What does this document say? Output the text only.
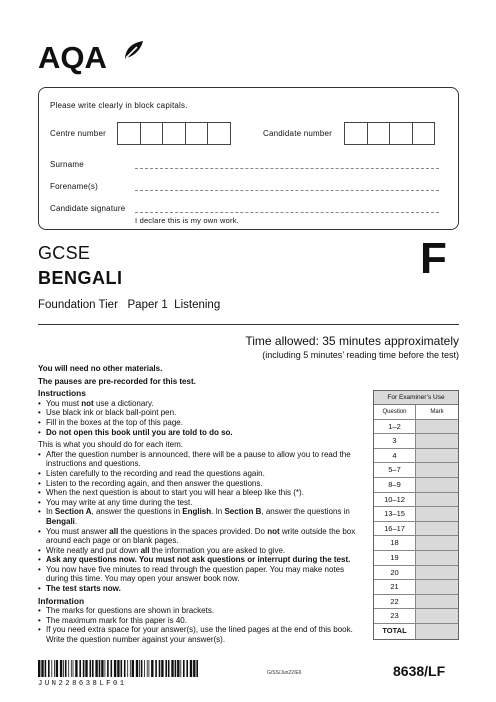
AQA
Please write clearly in block capitals.
Centre number	Candidate number
Surname
Forename(s)
Candidate signature
I declare this is my own work.
GCSE
BENGALI	F
Foundation Tier Paper 1  Listening
Time allowed: 35 minutes approximately
(including 5 minutes’ reading time before the test)
You will need no other materials.
The pauses are pre-recorded for this test.
Instructions
• You must not use a dictionary.
• Use black ink or black ball-point pen.
• Fill in the boxes at the top of this page.
• Do not open this book until you are told to do so.
This is what you should do for each item.
• After the question number is announced, there will be a pause to allow you to read the instructions and questions.
• Listen carefully to the recording and read the questions again.
• Listen to the recording again, and then answer the questions.
• When the next question is about to start you will hear a bleep like this (*).
• You may write at any time during the test.
• In Section A, answer the questions in English. In Section B, answer the questions in Bengali.
• You must answer all the questions in the spaces provided. Do not write outside the box around each page or on blank pages.
• Write neatly and put down all the information you are asked to give.
• Ask any questions now. You must not ask questions or interrupt during the test.
• You now have five minutes to read through the question paper. You may make notes during this time. You may open your answer book now.
• The test starts now.
Information
• The marks for questions are shown in brackets.
• The maximum mark for this paper is 40.
• If you need extra space for your answer(s), use the lined pages at the end of this book. Write the question number against your answer(s).
For Examiner’s Use
Question	Mark
1–2
3
4
5–7
8–9
10–12
13–15
16–17
18
19
20
21
22
23
TOTAL
JUN228638LF01
G/SS/Jun22/E6	8638/LF
